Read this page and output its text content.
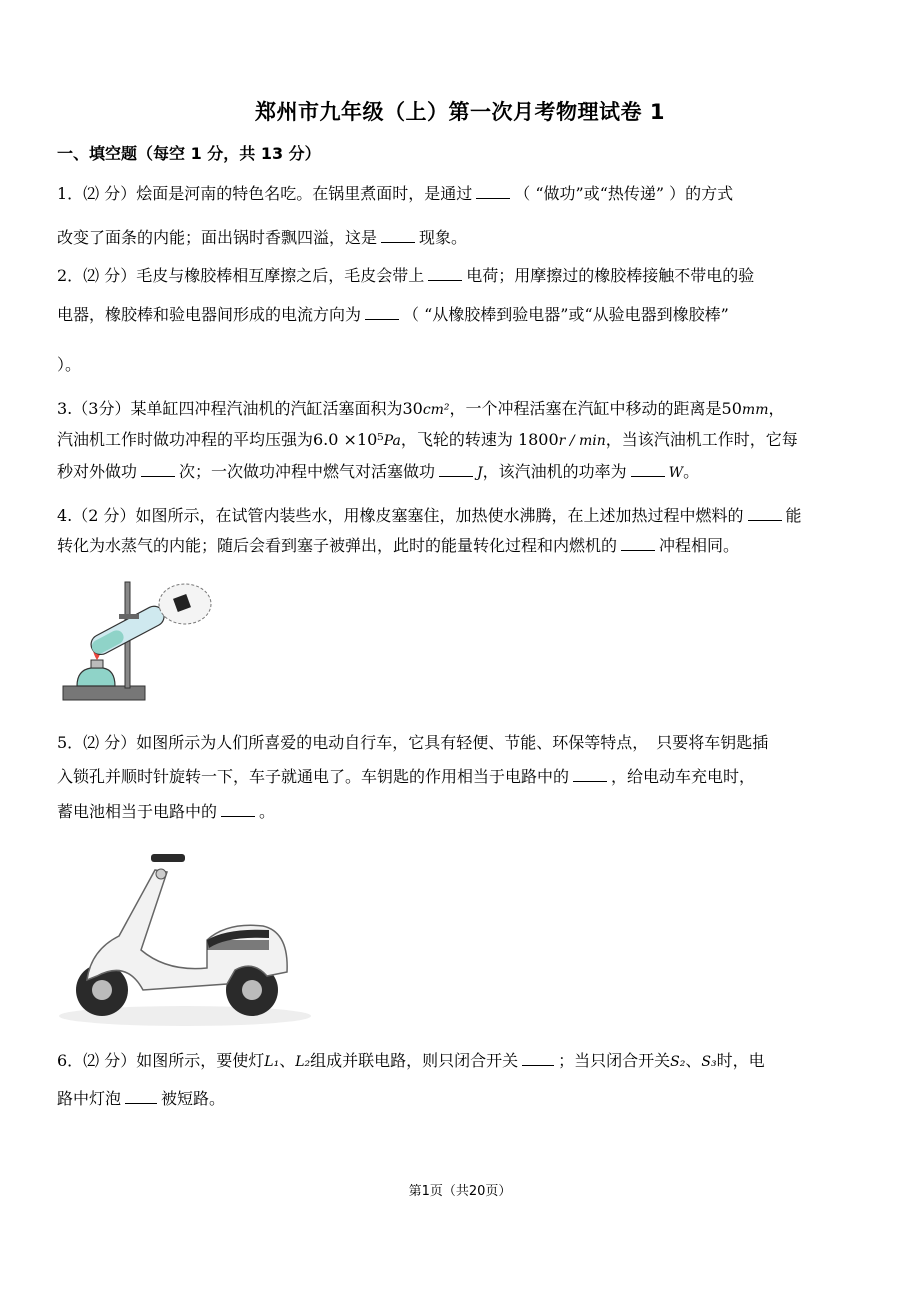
郑州市九年级（上）第一次月考物理试卷 1
一、填空题（每空 1 分，共 13 分）
1．⑵ 分）烩面是河南的特色名吃。在锅里煮面时，是通过	（ “做功”或“热传递” ）的方式
改变了面条的内能；面出锅时香飘四溢，这是	现象。
2．⑵ 分）毛皮与橡胶棒相互摩擦之后，毛皮会带上	电荷；用摩擦过的橡胶棒接触不带电的验
电器，橡胶棒和验电器间形成的电流方向为	（ “从橡胶棒到验电器”或“从验电器到橡胶棒”
）。
3.（3分）某单缸四冲程汽油机的汽缸活塞面积为30cm²，一个冲程活塞在汽缸中移动的距离是50mm，
汽油机工作时做功冲程的平均压强为6.0 ×10⁵Pa，飞轮的转速为 1800r / min，当该汽油机工作时，它每
秒对外做功	次；一次做功冲程中燃气对活塞做功	J，该汽油机的功率为	W。
4.（2 分）如图所示，在试管内装些水，用橡皮塞塞住，加热使水沸腾，在上述加热过程中燃料的	能
转化为水蒸气的内能；随后会看到塞子被弹出，此时的能量转化过程和内燃机的	冲程相同。
5．⑵ 分）如图所示为人们所喜爱的电动自行车，它具有轻便、节能、环保等特点，　只要将车钥匙插
入锁孔并顺时针旋转一下，车子就通电了。车钥匙的作用相当于电路中的	，给电动车充电时，
蓄电池相当于电路中的	。
6．⑵ 分）如图所示，要使灯L₁、L₂组成并联电路，则只闭合开关	；当只闭合开关S₂、S₃时，电
路中灯泡	被短路。
第1页（共20页）
